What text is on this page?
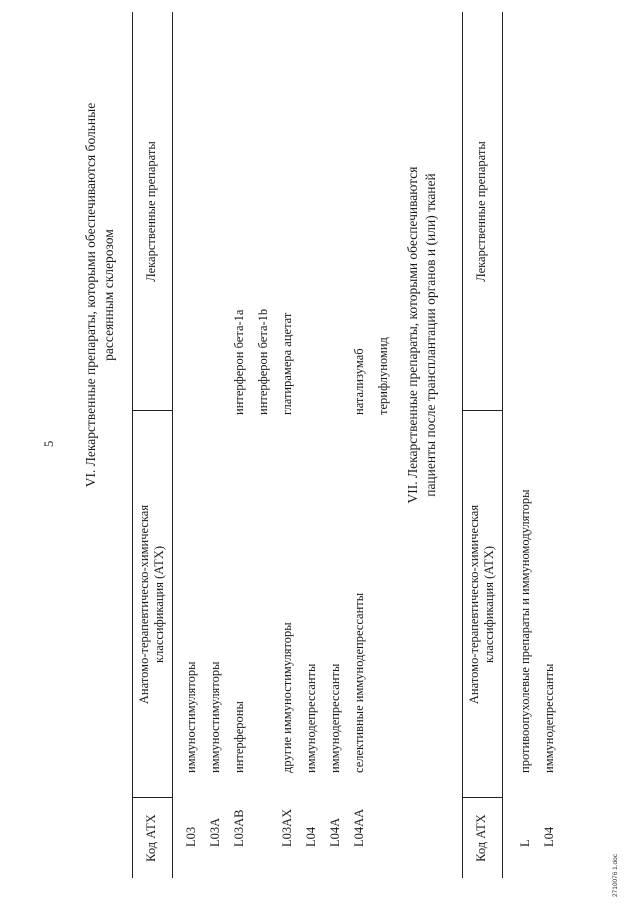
5 VI. Лекарственные препараты, которыми обеспечиваются больные рассеянным склерозом
Код АТХ
Анатомо-терапевтическо-химическая классификация (АТХ)
Лекарственные препараты
L03
иммуностимуляторы
L03A
иммуностимуляторы
L03AB
интерфероны
интерферон бета-1a интерферон бета-1b
L03AX
другие иммуностимуляторы
глатирамера ацетат
L04
иммунодепрессанты
L04A
иммунодепрессанты
L04AA
селективные иммунодепрессанты
натализумаб терифлуномид VII. Лекарственные препараты, которыми обеспечиваются пациенты после трансплантации органов и (или) тканей
Код АТХ
Анатомо-терапевтическо-химическая классификация (АТХ)
Лекарственные препараты
L
противоопухолевые препараты и иммуномодуляторы
L04
иммунодепрессанты
2710076 1.doc
